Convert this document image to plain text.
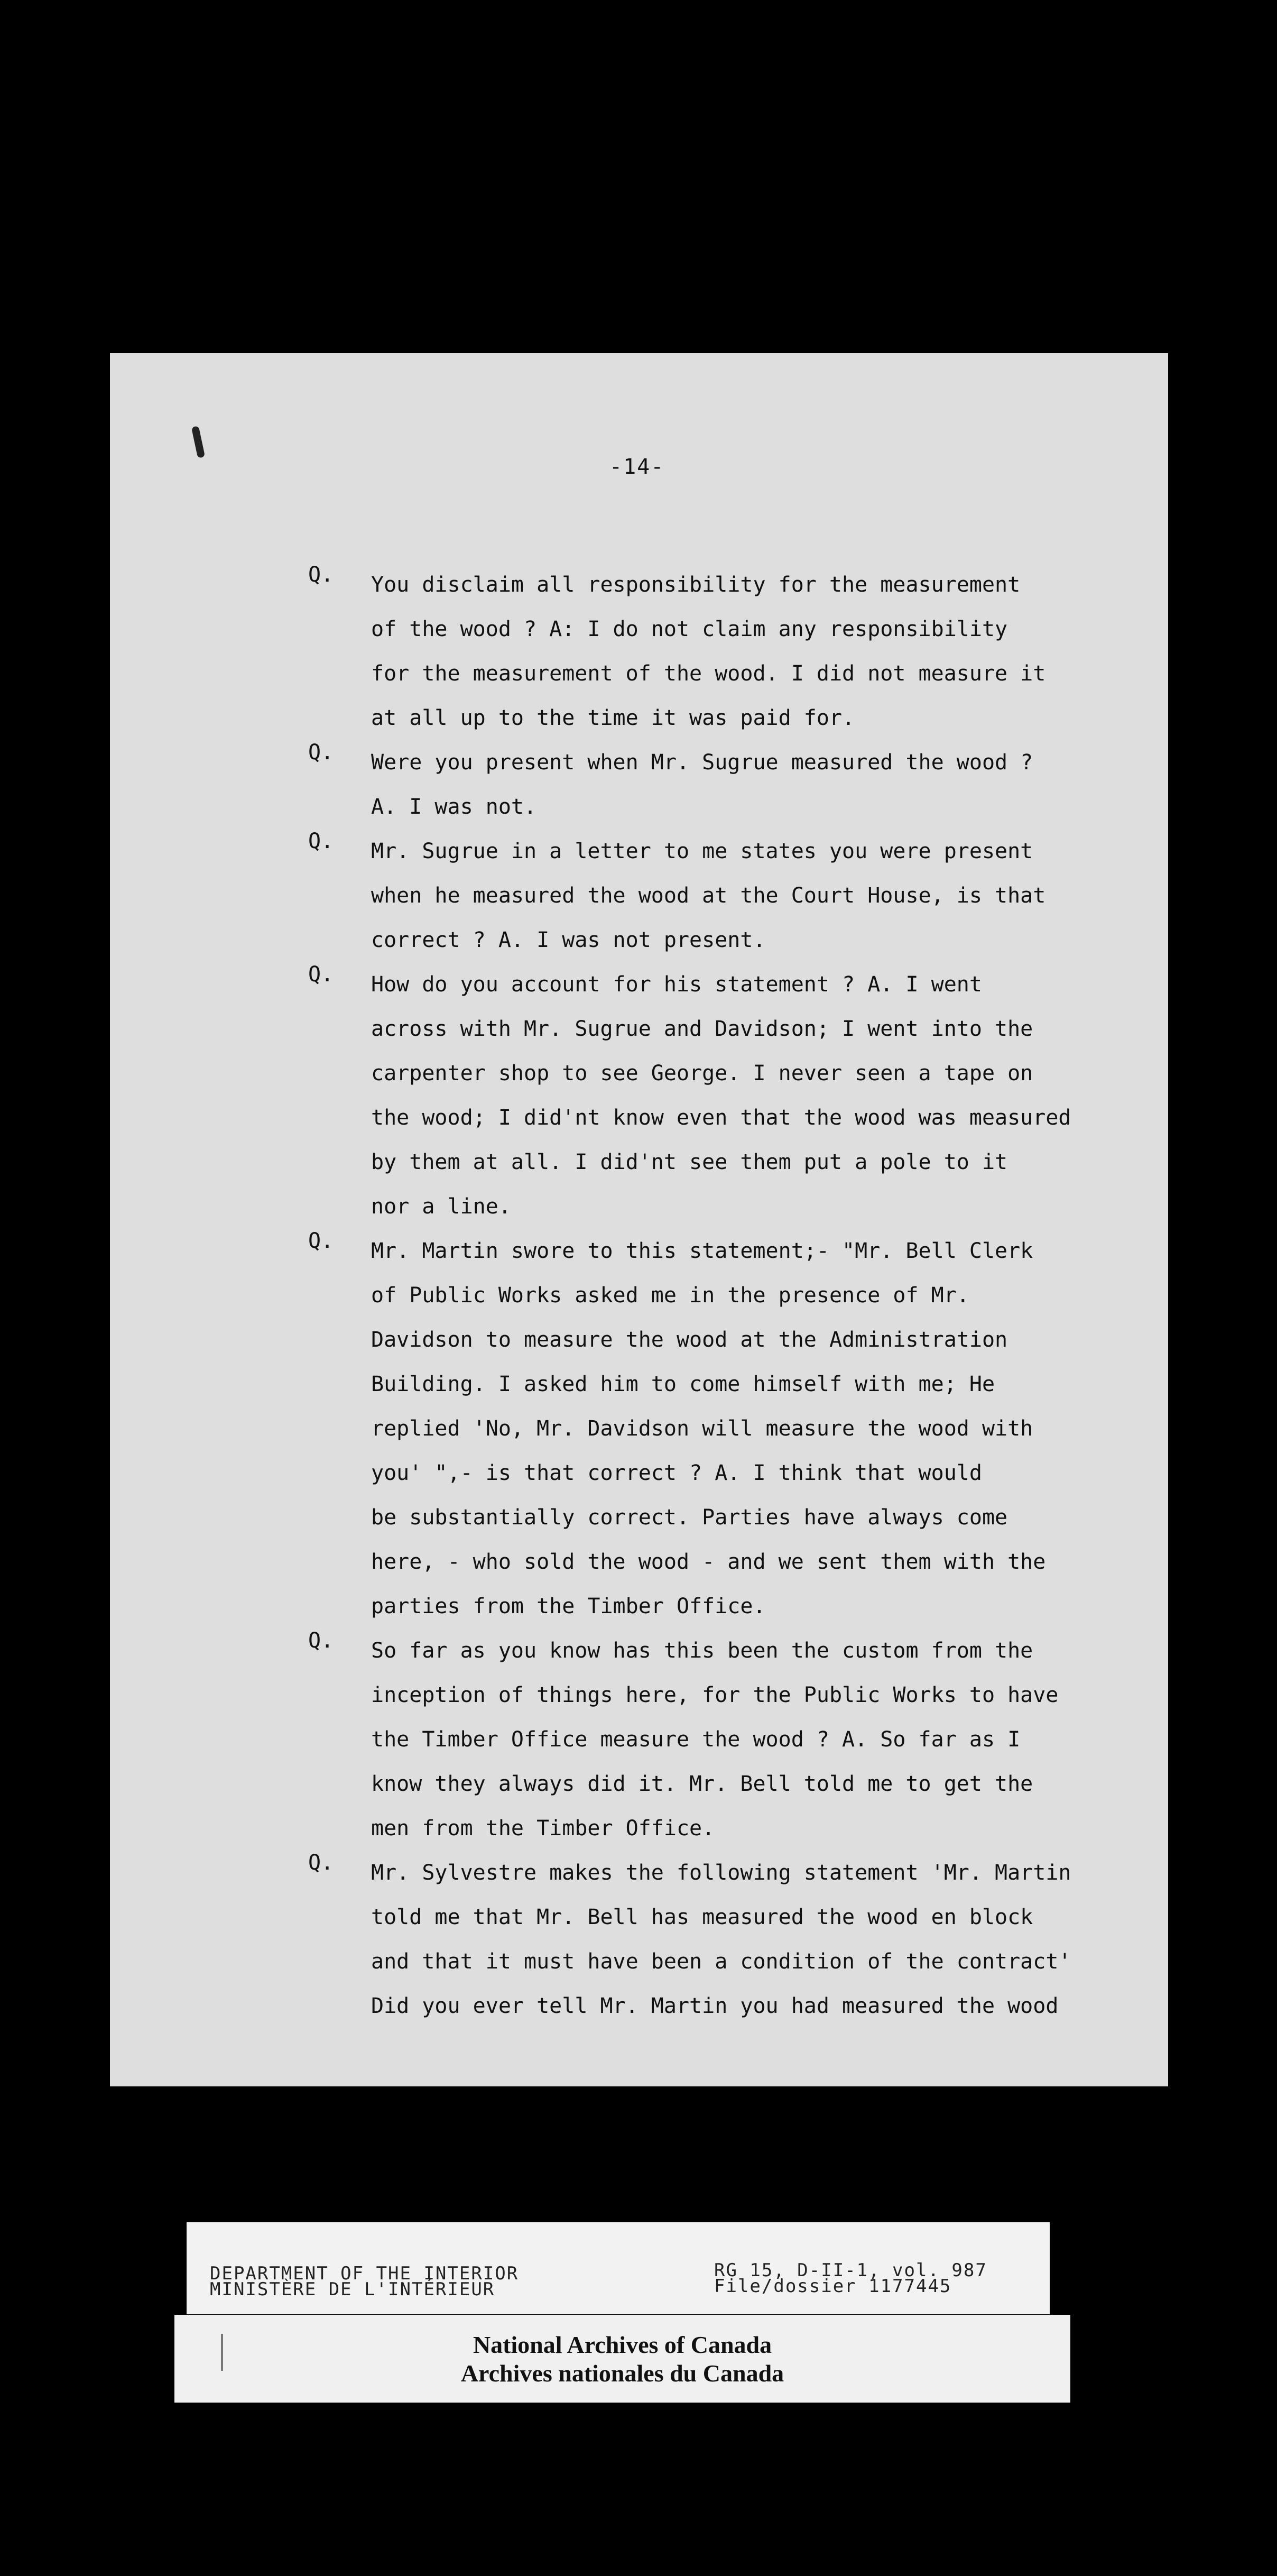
-14-
Q. You disclaim all responsibility for the measurement
of the wood ? A: I do not claim any responsibility
for the measurement of the wood. I did not measure it
at all up to the time it was paid for.
Q. Were you present when Mr. Sugrue measured the wood ?
A. I was not.
Q. Mr. Sugrue in a letter to me states you were present
when he measured the wood at the Court House, is that
correct ? A. I was not present.
Q. How do you account for his statement ? A. I went
across with Mr. Sugrue and Davidson; I went into the
carpenter shop to see George. I never seen a tape on
the wood; I did'nt know even that the wood was measured
by them at all. I did'nt see them put a pole to it
nor a line.
Q. Mr. Martin swore to this statement;- "Mr. Bell Clerk
of Public Works asked me in the presence of Mr.
Davidson to measure the wood at the Administration
Building. I asked him to come himself with me; He
replied 'No, Mr. Davidson will measure the wood with
you' ",- is that correct ? A. I think that would
be substantially correct. Parties have always come
here, - who sold the wood - and we sent them with the
parties from the Timber Office.
Q. So far as you know has this been the custom from the
inception of things here, for the Public Works to have
the Timber Office measure the wood ? A. So far as I
know they always did it. Mr. Bell told me to get the
men from the Timber Office.
Q. Mr. Sylvestre makes the following statement 'Mr. Martin
told me that Mr. Bell has measured the wood en block
and that it must have been a condition of the contract'
Did you ever tell Mr. Martin you had measured the wood
DEPARTMENT OF THE INTERIOR
MINISTÈRE DE L'INTÉRIEUR
RG 15, D-II-1, vol. 987
File/dossier 1177445
National Archives of Canada
Archives nationales du Canada
